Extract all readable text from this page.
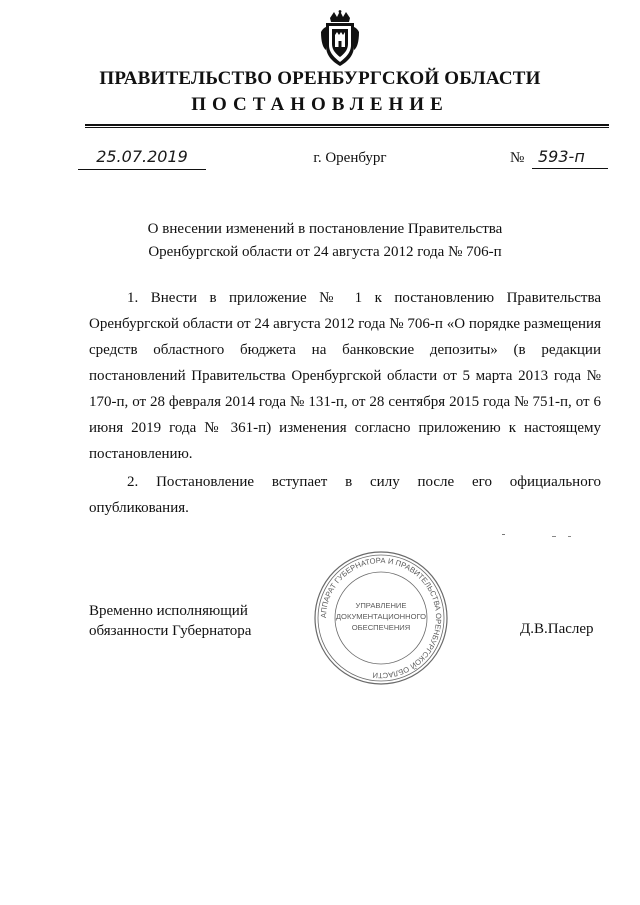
ПРАВИТЕЛЬСТВО ОРЕНБУРГСКОЙ ОБЛАСТИ
ПОСТАНОВЛЕНИЕ
25.07.2019	г. Оренбург	№ 593-п
О внесении изменений в постановление Правительства
Оренбургской области от 24 августа 2012 года № 706-п

1. Внести в приложение № 1 к постановлению Правительства Оренбургской области от 24 августа 2012 года № 706-п «О порядке размещения средств областного бюджета на банковские депозиты» (в редакции постановлений Правительства Оренбургской области от 5 марта 2013 года № 170-п, от 28 февраля 2014 года № 131-п, от 28 сентября 2015 года № 751-п, от 6 июня 2019 года № 361-п) изменения согласно приложению к настоящему постановлению.

2. Постановление вступает в силу после его официального опубликования.

АППАРАТ ГУБЕРНАТОРА И ПРАВИТЕЛЬСТВА ОРЕНБУРГСКОЙ ОБЛАСТИ
УПРАВЛЕНИЕ
ДОКУМЕНТАЦИОННОГО
ОБЕСПЕЧЕНИЯ
Временно исполняющий
обязанности Губернатора	Д.В.Паслер
